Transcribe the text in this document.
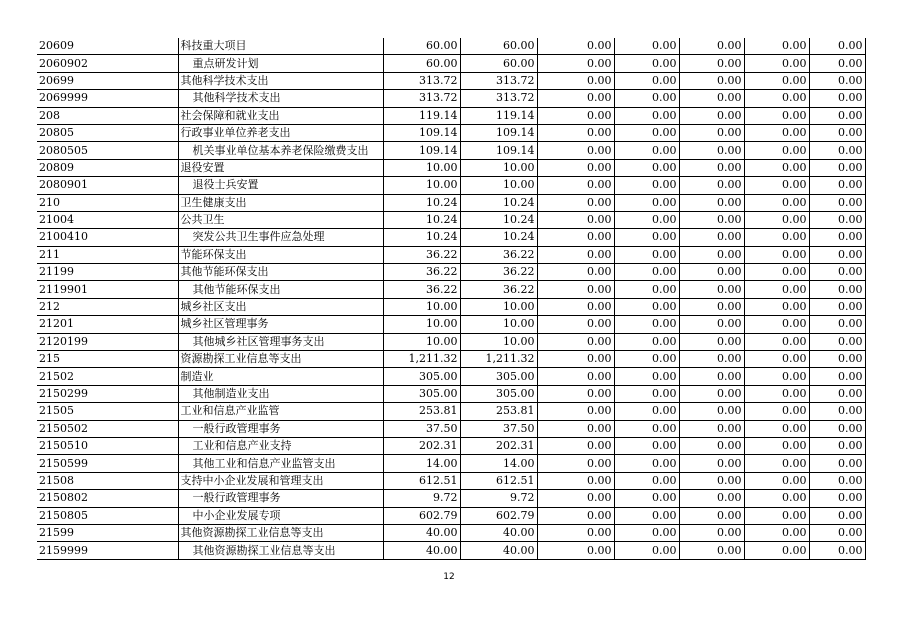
20609	科技重大项目	60.00	60.00	0.00	0.00	0.00	0.00	0.00
2060902	重点研发计划	60.00	60.00	0.00	0.00	0.00	0.00	0.00
20699	其他科学技术支出	313.72	313.72	0.00	0.00	0.00	0.00	0.00
2069999	其他科学技术支出	313.72	313.72	0.00	0.00	0.00	0.00	0.00
208	社会保障和就业支出	119.14	119.14	0.00	0.00	0.00	0.00	0.00
20805	行政事业单位养老支出	109.14	109.14	0.00	0.00	0.00	0.00	0.00
2080505	机关事业单位基本养老保险缴费支出	109.14	109.14	0.00	0.00	0.00	0.00	0.00
20809	退役安置	10.00	10.00	0.00	0.00	0.00	0.00	0.00
2080901	退役士兵安置	10.00	10.00	0.00	0.00	0.00	0.00	0.00
210	卫生健康支出	10.24	10.24	0.00	0.00	0.00	0.00	0.00
21004	公共卫生	10.24	10.24	0.00	0.00	0.00	0.00	0.00
2100410	突发公共卫生事件应急处理	10.24	10.24	0.00	0.00	0.00	0.00	0.00
211	节能环保支出	36.22	36.22	0.00	0.00	0.00	0.00	0.00
21199	其他节能环保支出	36.22	36.22	0.00	0.00	0.00	0.00	0.00
2119901	其他节能环保支出	36.22	36.22	0.00	0.00	0.00	0.00	0.00
212	城乡社区支出	10.00	10.00	0.00	0.00	0.00	0.00	0.00
21201	城乡社区管理事务	10.00	10.00	0.00	0.00	0.00	0.00	0.00
2120199	其他城乡社区管理事务支出	10.00	10.00	0.00	0.00	0.00	0.00	0.00
215	资源勘探工业信息等支出	1,211.32	1,211.32	0.00	0.00	0.00	0.00	0.00
21502	制造业	305.00	305.00	0.00	0.00	0.00	0.00	0.00
2150299	其他制造业支出	305.00	305.00	0.00	0.00	0.00	0.00	0.00
21505	工业和信息产业监管	253.81	253.81	0.00	0.00	0.00	0.00	0.00
2150502	一般行政管理事务	37.50	37.50	0.00	0.00	0.00	0.00	0.00
2150510	工业和信息产业支持	202.31	202.31	0.00	0.00	0.00	0.00	0.00
2150599	其他工业和信息产业监管支出	14.00	14.00	0.00	0.00	0.00	0.00	0.00
21508	支持中小企业发展和管理支出	612.51	612.51	0.00	0.00	0.00	0.00	0.00
2150802	一般行政管理事务	9.72	9.72	0.00	0.00	0.00	0.00	0.00
2150805	中小企业发展专项	602.79	602.79	0.00	0.00	0.00	0.00	0.00
21599	其他资源勘探工业信息等支出	40.00	40.00	0.00	0.00	0.00	0.00	0.00
2159999	其他资源勘探工业信息等支出	40.00	40.00	0.00	0.00	0.00	0.00	0.00
12
